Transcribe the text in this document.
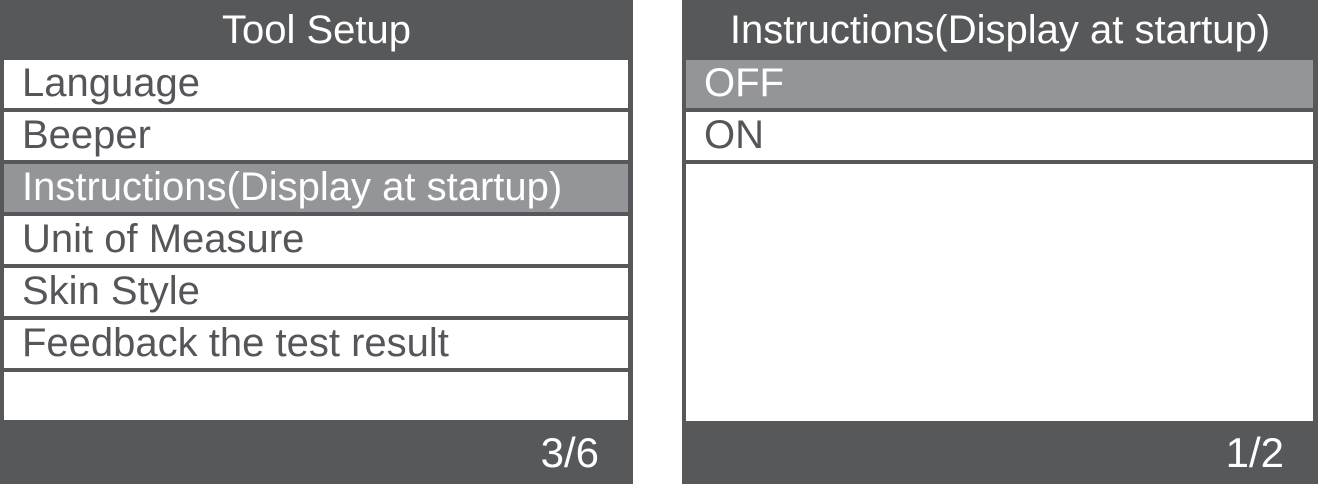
Tool Setup
Language
Beeper
Instructions(Display at startup)
Unit of Measure
Skin Style
Feedback the test result
3/6
Instructions(Display at startup)
OFF
ON
1/2
